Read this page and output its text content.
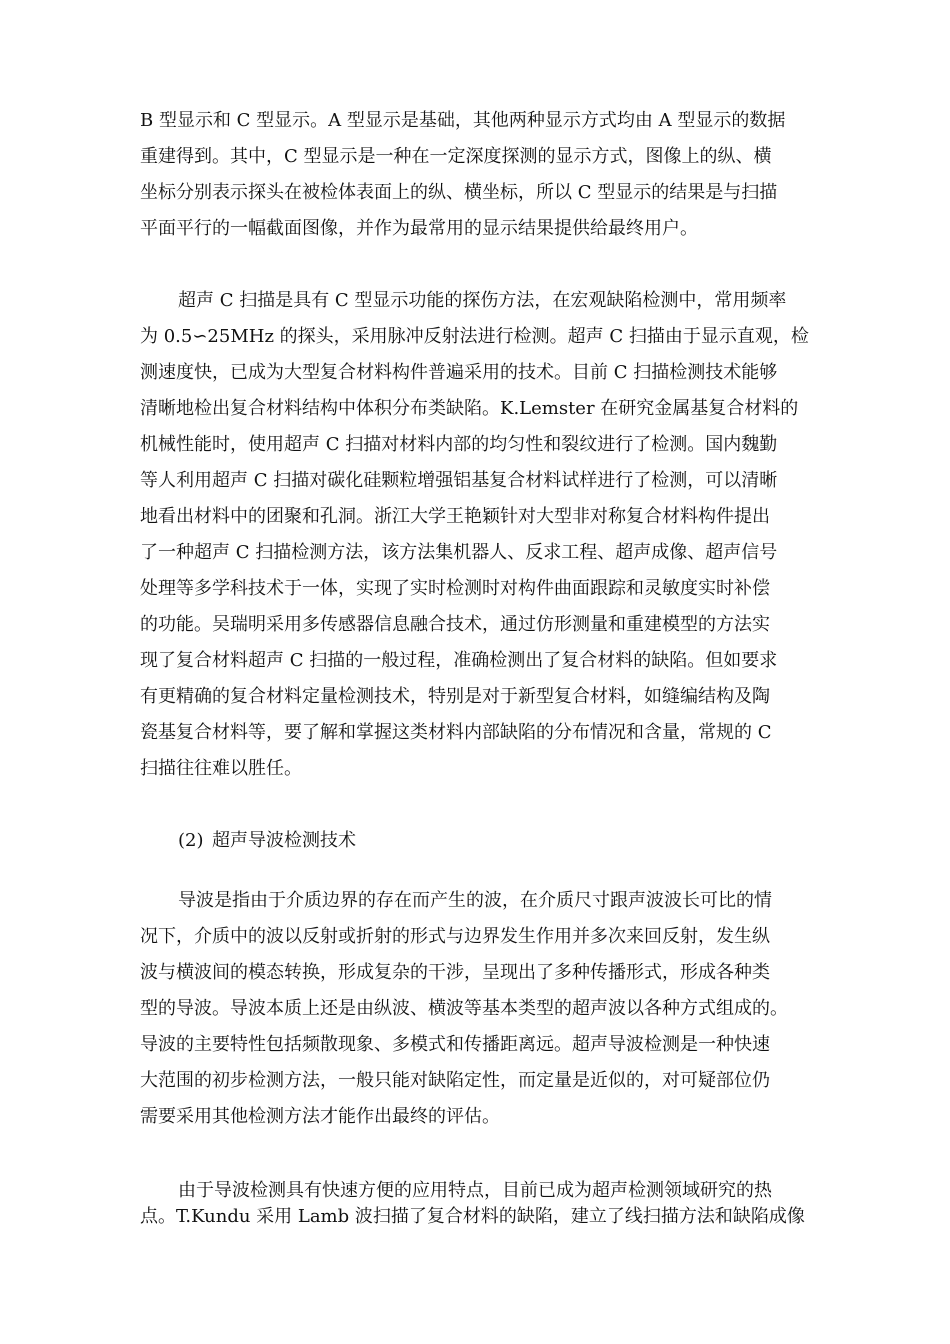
B 型显示和 C 型显示。A 型显示是基础，其他两种显示方式均由 A 型显示的数据
重建得到。其中，C 型显示是一种在一定深度探测的显示方式，图像上的纵、横
坐标分别表示探头在被检体表面上的纵、横坐标，所以 C 型显示的结果是与扫描
平面平行的一幅截面图像，并作为最常用的显示结果提供给最终用户。
超声 C 扫描是具有 C 型显示功能的探伤方法，在宏观缺陷检测中，常用频率
为 0.5∽25MHz 的探头，采用脉冲反射法进行检测。超声 C 扫描由于显示直观，检
测速度快，已成为大型复合材料构件普遍采用的技术。目前 C 扫描检测技术能够
清晰地检出复合材料结构中体积分布类缺陷。K.Lemster 在研究金属基复合材料的
机械性能时，使用超声 C 扫描对材料内部的均匀性和裂纹进行了检测。国内魏勤
等人利用超声 C 扫描对碳化硅颗粒增强铝基复合材料试样进行了检测，可以清晰
地看出材料中的团聚和孔洞。浙江大学王艳颖针对大型非对称复合材料构件提出
了一种超声 C 扫描检测方法，该方法集机器人、反求工程、超声成像、超声信号
处理等多学科技术于一体，实现了实时检测时对构件曲面跟踪和灵敏度实时补偿
的功能。吴瑞明采用多传感器信息融合技术，通过仿形测量和重建模型的方法实
现了复合材料超声 C 扫描的一般过程，准确检测出了复合材料的缺陷。但如要求
有更精确的复合材料定量检测技术，特别是对于新型复合材料，如缝编结构及陶
瓷基复合材料等，要了解和掌握这类材料内部缺陷的分布情况和含量，常规的 C
扫描往往难以胜任。
(2) 超声导波检测技术
导波是指由于介质边界的存在而产生的波，在介质尺寸跟声波波长可比的情
况下，介质中的波以反射或折射的形式与边界发生作用并多次来回反射，发生纵
波与横波间的模态转换，形成复杂的干涉，呈现出了多种传播形式，形成各种类
型的导波。导波本质上还是由纵波、横波等基本类型的超声波以各种方式组成的。
导波的主要特性包括频散现象、多模式和传播距离远。超声导波检测是一种快速
大范围的初步检测方法，一般只能对缺陷定性，而定量是近似的，对可疑部位仍
需要采用其他检测方法才能作出最终的评估。
由于导波检测具有快速方便的应用特点，目前已成为超声检测领域研究的热
点。T.Kundu 采用 Lamb 波扫描了复合材料的缺陷，建立了线扫描方法和缺陷成像
